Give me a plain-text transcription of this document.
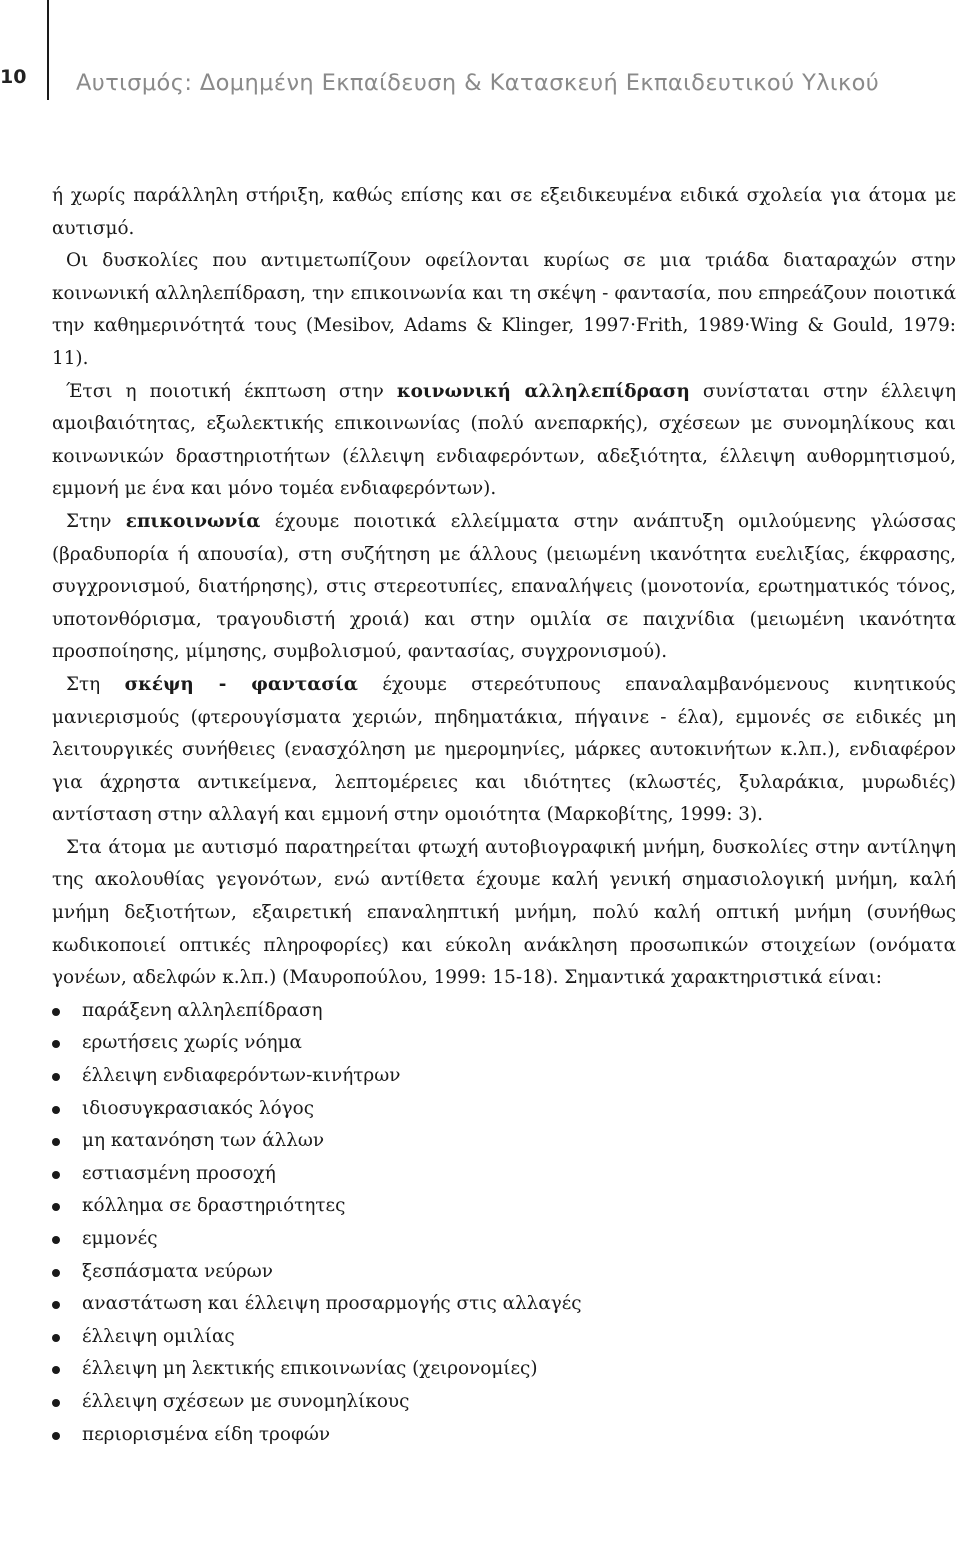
10 Αυτισμός: Δομημένη Εκπαίδευση & Κατασκευή Εκπαιδευτικού Υλικού

ή χωρίς παράλληλη στήριξη, καθώς επίσης και σε εξειδικευμένα ειδικά σχολεία για άτομα με αυτισμό.

Οι δυσκολίες που αντιμετωπίζουν οφείλονται κυρίως σε μια τριάδα διαταραχών στην κοινωνική αλληλεπίδραση, την επικοινωνία και τη σκέψη - φαντασία, που επηρεάζουν ποιοτικά την καθημερινότητά τους (Mesibov, Adams & Klinger, 1997·Frith, 1989·Wing & Gould, 1979: 11).

Έτσι η ποιοτική έκπτωση στην κοινωνική αλληλεπίδραση συνίσταται στην έλλειψη αμοιβαιότητας, εξωλεκτικής επικοινωνίας (πολύ ανεπαρκής), σχέσεων με συνομηλίκους και κοινωνικών δραστηριοτήτων (έλλειψη ενδιαφερόντων, αδεξιότητα, έλλειψη αυθορμητισμού, εμμονή με ένα και μόνο τομέα ενδιαφερόντων).

Στην επικοινωνία έχουμε ποιοτικά ελλείμματα στην ανάπτυξη ομιλούμενης γλώσσας (βραδυπορία ή απουσία), στη συζήτηση με άλλους (μειωμένη ικανότητα ευελιξίας, έκφρασης, συγχρονισμού, διατήρησης), στις στερεοτυπίες, επαναλήψεις (μονοτονία, ερωτηματικός τόνος, υποτονθόρισμα, τραγουδιστή χροιά) και στην ομιλία σε παιχνίδια (μειωμένη ικανότητα προσποίησης, μίμησης, συμβολισμού, φαντασίας, συγχρονισμού).

Στη σκέψη - φαντασία έχουμε στερεότυπους επαναλαμβανόμενους κινητικούς μανιερισμούς (φτερουγίσματα χεριών, πηδηματάκια, πήγαινε - έλα), εμμονές σε ειδικές μη λειτουργικές συνήθειες (ενασχόληση με ημερομηνίες, μάρκες αυτοκινήτων κ.λπ.), ενδιαφέρον για άχρηστα αντικείμενα, λεπτομέρειες και ιδιότητες (κλωστές, ξυλαράκια, μυρωδιές) αντίσταση στην αλλαγή και εμμονή στην ομοιότητα (Μαρκοβίτης, 1999: 3).

Στα άτομα με αυτισμό παρατηρείται φτωχή αυτοβιογραφική μνήμη, δυσκολίες στην αντίληψη της ακολουθίας γεγονότων, ενώ αντίθετα έχουμε καλή γενική σημασιολογική μνήμη, καλή μνήμη δεξιοτήτων, εξαιρετική επαναληπτική μνήμη, πολύ καλή οπτική μνήμη (συνήθως κωδικοποιεί οπτικές πληροφορίες) και εύκολη ανάκληση προσωπικών στοιχείων (ονόματα γονέων, αδελφών κ.λπ.) (Μαυροπούλου, 1999: 15-18). Σημαντικά χαρακτηριστικά είναι:

παράξενη αλληλεπίδραση
ερωτήσεις χωρίς νόημα
έλλειψη ενδιαφερόντων-κινήτρων
ιδιοσυγκρασιακός λόγος
μη κατανόηση των άλλων
εστιασμένη προσοχή
κόλλημα σε δραστηριότητες
εμμονές
ξεσπάσματα νεύρων
αναστάτωση και έλλειψη προσαρμογής στις αλλαγές
έλλειψη ομιλίας
έλλειψη μη λεκτικής επικοινωνίας (χειρονομίες)
έλλειψη σχέσεων με συνομηλίκους
περιορισμένα είδη τροφών
